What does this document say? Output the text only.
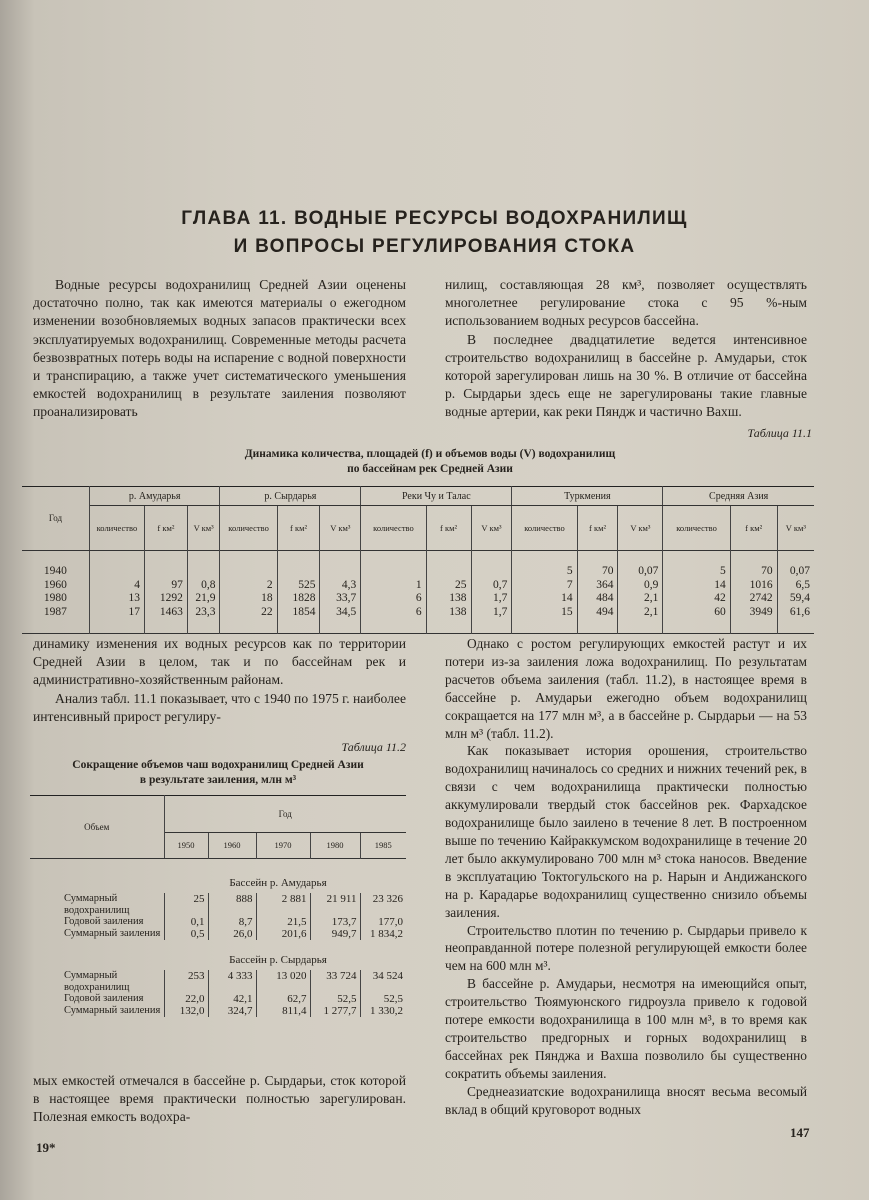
ГЛАВА 11. ВОДНЫЕ РЕСУРСЫ ВОДОХРАНИЛИЩ
И ВОПРОСЫ РЕГУЛИРОВАНИЯ СТОКА

Водные ресурсы водохранилищ Средней Азии оценены достаточно полно, так как имеются материалы о ежегодном изменении возобновляемых водных запасов практически всех эксплуатируемых водохранилищ. Современные методы расчета безвозвратных потерь воды на испарение с водной поверхности и транспирацию, а также учет систематического уменьшения емкостей водохранилищ в результате заиления позволяют проанализировать

нилищ, составляющая 28 км³, позволяет осуществлять многолетнее регулирование стока с 95 %-ным использованием водных ресурсов бассейна.

В последнее двадцатилетие ведется интенсивное строительство водохранилищ в бассейне р. Амударьи, сток которой зарегулирован лишь на 30 %. В отличие от бассейна р. Сырдарьи здесь еще не зарегулированы такие главные водные артерии, как реки Пяндж и частично Вахш.

Таблица 11.1
Динамика количества, площадей (f) и объемов воды (V) водохранилищ
по бассейнам рек Средней Азии
Год	р. Амударья			р. Сырдарья			Реки Чу и Талас			Туркмения			Средняя Азия		
	количество	f км²	V км³	количество	f км²	V км³	количество	f км²	V км³	количество	f км²	V км³	количество	f км²	V км³

1940										5	70	0,07	5	70	0,07
1960	4	97	0,8	2	525	4,3	1	25	0,7	7	364	0,9	14	1016	6,5
1980	13	1292	21,9	18	1828	33,7	6	138	1,7	14	484	2,1	42	2742	59,4
1987	17	1463	23,3	22	1854	34,5	6	138	1,7	15	494	2,1	60	3949	61,6

динамику изменения их водных ресурсов как по территории Средней Азии в целом, так и по бассейнам рек и административно-хозяйственным районам.

Анализ табл. 11.1 показывает, что с 1940 по 1975 г. наиболее интенсивный прирост регулиру-

Таблица 11.2
Сокращение объемов чаш водохранилищ Средней Азии
в результате заиления, млн м³
Объем	Год				
	1950	1960	1970	1980	1985
Бассейн р. Амударья					
Суммарный водохранилищ	25	888	2 881	21 911	23 326
Годовой заиления	0,1	8,7	21,5	173,7	177,0
Суммарный заиления	0,5	26,0	201,6	949,7	1 834,2
Бассейн р. Сырдарья					
Суммарный водохранилищ	253	4 333	13 020	33 724	34 524
Годовой заиления	22,0	42,1	62,7	52,5	52,5
Суммарный заиления	132,0	324,7	811,4	1 277,7	1 330,2

мых емкостей отмечался в бассейне р. Сырдарьи, сток которой в настоящее время практически полностью зарегулирован. Полезная емкость водохра-

Однако с ростом регулирующих емкостей растут и их потери из-за заиления ложа водохранилищ. По результатам расчетов объема заиления (табл. 11.2), в настоящее время в бассейне р. Амударьи ежегодно объем водохранилищ сокращается на 177 млн м³, а в бассейне р. Сырдарьи — на 53 млн м³ (табл. 11.2).

Как показывает история орошения, строительство водохранилищ начиналось со средних и нижних течений рек, в связи с чем водохранилища практически полностью аккумулировали твердый сток бассейнов рек. Фархадское водохранилище было заилено в течение 8 лет. В построенном выше по течению Кайраккумском водохранилище в течение 20 лет было аккумулировано 700 млн м³ стока наносов. Введение в эксплуатацию Токтогульского на р. Нарын и Андижанского на р. Карадарье водохранилищ существенно снизило объемы заиления.

Строительство плотин по течению р. Сырдарьи привело к неоправданной потере полезной регулирующей емкости более чем на 600 млн м³.

В бассейне р. Амударьи, несмотря на имеющийся опыт, строительство Тюямуюнского гидроузла привело к годовой потере емкости водохранилища в 100 млн м³, в то время как строительство предгорных и горных водохранилищ в бассейнах рек Пянджа и Вахша позволило бы существенно сократить объемы заиления.

Среднеазиатские водохранилища вносят весьма весомый вклад в общий круговорот водных

19*
147
